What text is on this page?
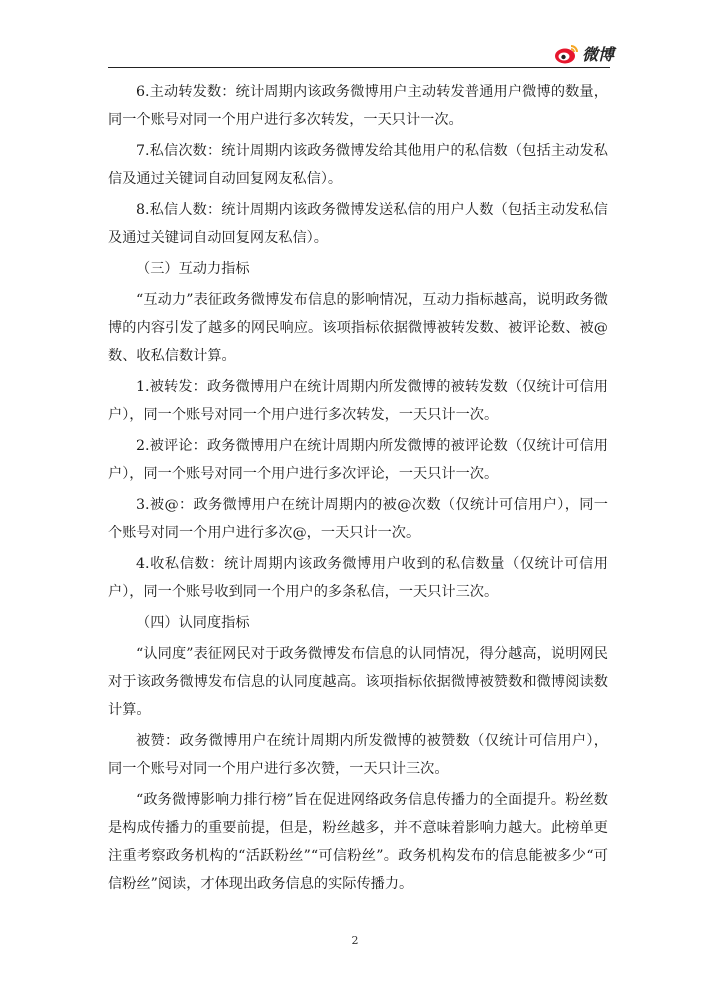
微博

6.主动转发数：统计周期内该政务微博用户主动转发普通用户微博的数量，同一个账号对同一个用户进行多次转发，一天只计一次。

7.私信次数：统计周期内该政务微博发给其他用户的私信数（包括主动发私信及通过关键词自动回复网友私信）。

8.私信人数：统计周期内该政务微博发送私信的用户人数（包括主动发私信及通过关键词自动回复网友私信）。

（三）互动力指标

“互动力”表征政务微博发布信息的影响情况，互动力指标越高，说明政务微博的内容引发了越多的网民响应。该项指标依据微博被转发数、被评论数、被@数、收私信数计算。

1.被转发：政务微博用户在统计周期内所发微博的被转发数（仅统计可信用户），同一个账号对同一个用户进行多次转发，一天只计一次。

2.被评论：政务微博用户在统计周期内所发微博的被评论数（仅统计可信用户），同一个账号对同一个用户进行多次评论，一天只计一次。

3.被@：政务微博用户在统计周期内的被@次数（仅统计可信用户），同一个账号对同一个用户进行多次@，一天只计一次。

4.收私信数：统计周期内该政务微博用户收到的私信数量（仅统计可信用户），同一个账号收到同一个用户的多条私信，一天只计三次。

（四）认同度指标

“认同度”表征网民对于政务微博发布信息的认同情况，得分越高，说明网民对于该政务微博发布信息的认同度越高。该项指标依据微博被赞数和微博阅读数计算。

被赞：政务微博用户在统计周期内所发微博的被赞数（仅统计可信用户），同一个账号对同一个用户进行多次赞，一天只计三次。

“政务微博影响力排行榜”旨在促进网络政务信息传播力的全面提升。粉丝数是构成传播力的重要前提，但是，粉丝越多，并不意味着影响力越大。此榜单更注重考察政务机构的“活跃粉丝”“可信粉丝”。政务机构发布的信息能被多少“可信粉丝”阅读，才体现出政务信息的实际传播力。

2
